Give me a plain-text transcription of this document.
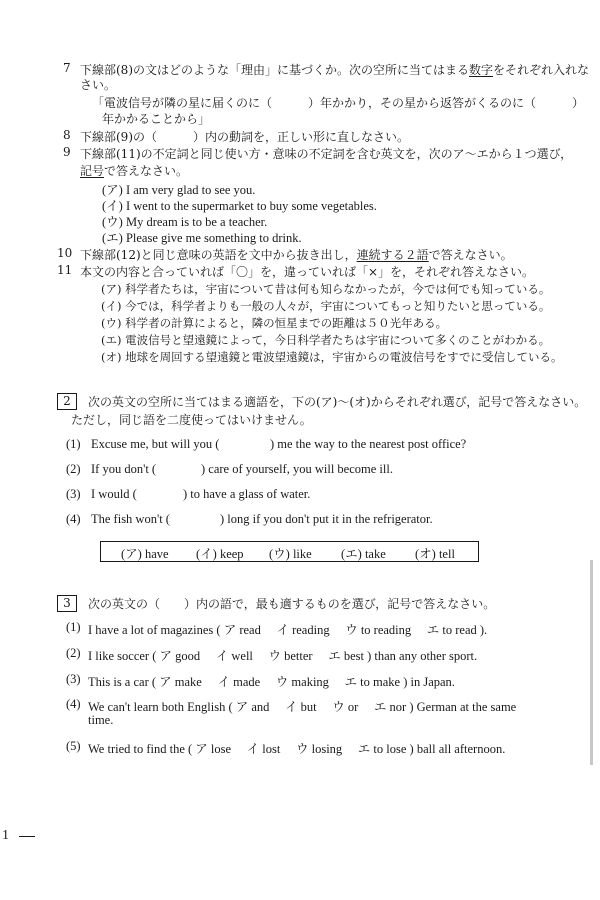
7 下線部(8)の文はどのような「理由」に基づくか。次の空所に当てはまる数字をそれぞれ入れな
さい。
「電波信号が隣の星に届くのに（　　　）年かかり，その星から返答がくるのに（　　　）
年かかることから」
8 下線部(9)の（　　　）内の動詞を，正しい形に直しなさい。
9 下線部(11)の不定詞と同じ使い方・意味の不定詞を含む英文を，次のア～エから１つ選び，
記号で答えなさい。
(ア) I am very glad to see you.
(イ) I went to the supermarket to buy some vegetables.
(ウ) My dream is to be a teacher.
(エ) Please give me something to drink.
10 下線部(12)と同じ意味の英語を文中から抜き出し，連続する２語で答えなさい。
11 本文の内容と合っていれば「〇」を，違っていれば「×」を，それぞれ答えなさい。
(ア) 科学者たちは，宇宙について昔は何も知らなかったが，今では何でも知っている。
(イ) 今では，科学者よりも一般の人々が，宇宙についてもっと知りたいと思っている。
(ウ) 科学者の計算によると，隣の恒星までの距離は５０光年ある。
(エ) 電波信号と望遠鏡によって，今日科学者たちは宇宙について多くのことがわかる。
(オ) 地球を周回する望遠鏡と電波望遠鏡は，宇宙からの電波信号をすでに受信している。
2	次の英文の空所に当てはまる適語を，下の(ア)～(オ)からそれぞれ選び，記号で答えなさい。
ただし，同じ語を二度使ってはいけません。
(1) Excuse me, but will you (	) me the way to the nearest post office?
(2) If you don't (	) care of yourself, you will become ill.
(3) I would (	) to have a glass of water.
(4) The fish won't (	) long if you don't put it in the refrigerator.
(ア) have (イ) keep (ウ) like (エ) take (オ) tell
3	次の英文の（　　）内の語で，最も適するものを選び，記号で答えなさい。
(1) I have a lot of magazines ( ア read　 イ reading　 ウ to reading　 エ to read ).
(2) I like soccer ( ア good　 イ well　 ウ better　 エ best ) than any other sport.
(3) This is a car ( ア make　 イ made　 ウ making　 エ to make ) in Japan.
(4) We can't learn both English ( ア and　 イ but　 ウ or　 エ nor ) German at the same
time.
(5) We tried to find the ( ア lose　 イ lost　 ウ losing　 エ to lose ) ball all afternoon.
1
